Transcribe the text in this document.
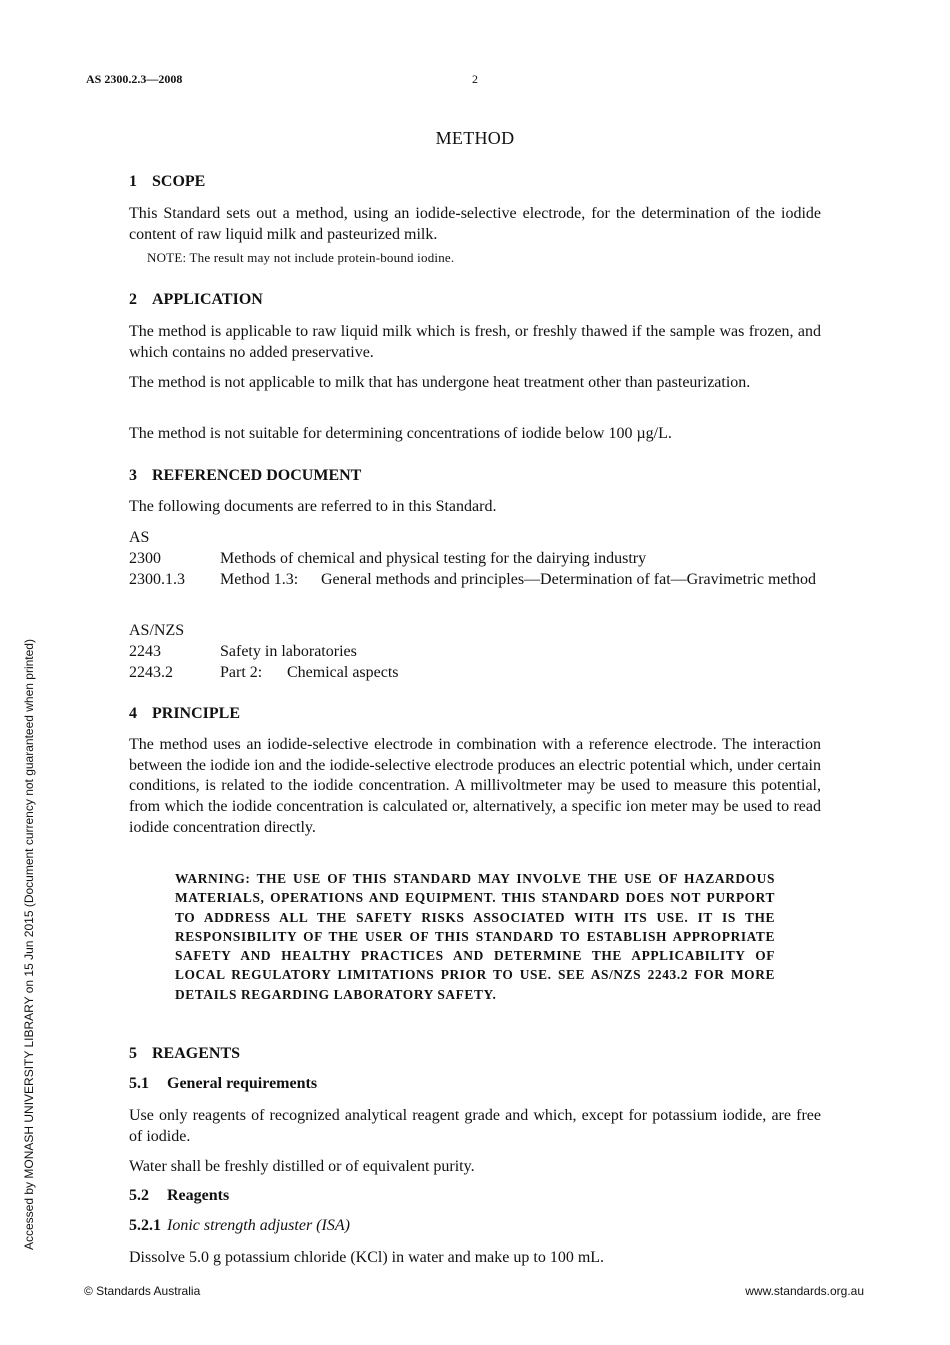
AS 2300.2.3—2008	2
METHOD
1 SCOPE
This Standard sets out a method, using an iodide-selective electrode, for the determination of the iodide content of raw liquid milk and pasteurized milk.
NOTE: The result may not include protein-bound iodine.
2 APPLICATION
The method is applicable to raw liquid milk which is fresh, or freshly thawed if the sample was frozen, and which contains no added preservative.
The method is not applicable to milk that has undergone heat treatment other than pasteurization.
The method is not suitable for determining concentrations of iodide below 100 µg/L.
3 REFERENCED DOCUMENT
The following documents are referred to in this Standard.
AS
2300	Methods of chemical and physical testing for the dairying industry
2300.1.3 Method 1.3: General methods and principles—Determination of fat—Gravimetric method
AS/NZS
2243	Safety in laboratories
2243.2	Part 2: Chemical aspects
4 PRINCIPLE
The method uses an iodide-selective electrode in combination with a reference electrode. The interaction between the iodide ion and the iodide-selective electrode produces an electric potential which, under certain conditions, is related to the iodide concentration. A millivoltmeter may be used to measure this potential, from which the iodide concentration is calculated or, alternatively, a specific ion meter may be used to read iodide concentration directly.
WARNING: THE USE OF THIS STANDARD MAY INVOLVE THE USE OF HAZARDOUS MATERIALS, OPERATIONS AND EQUIPMENT. THIS STANDARD DOES NOT PURPORT TO ADDRESS ALL THE SAFETY RISKS ASSOCIATED WITH ITS USE. IT IS THE RESPONSIBILITY OF THE USER OF THIS STANDARD TO ESTABLISH APPROPRIATE SAFETY AND HEALTHY PRACTICES AND DETERMINE THE APPLICABILITY OF LOCAL REGULATORY LIMITATIONS PRIOR TO USE. SEE AS/NZS 2243.2 FOR MORE DETAILS REGARDING LABORATORY SAFETY.
5 REAGENTS
5.1 General requirements
Use only reagents of recognized analytical reagent grade and which, except for potassium iodide, are free of iodide.
Water shall be freshly distilled or of equivalent purity.
5.2 Reagents
5.2.1 Ionic strength adjuster (ISA)
Dissolve 5.0 g potassium chloride (KCl) in water and make up to 100 mL.
Accessed by MONASH UNIVERSITY LIBRARY on 15 Jun 2015 (Document currency not guaranteed when printed)
© Standards Australia	www.standards.org.au
